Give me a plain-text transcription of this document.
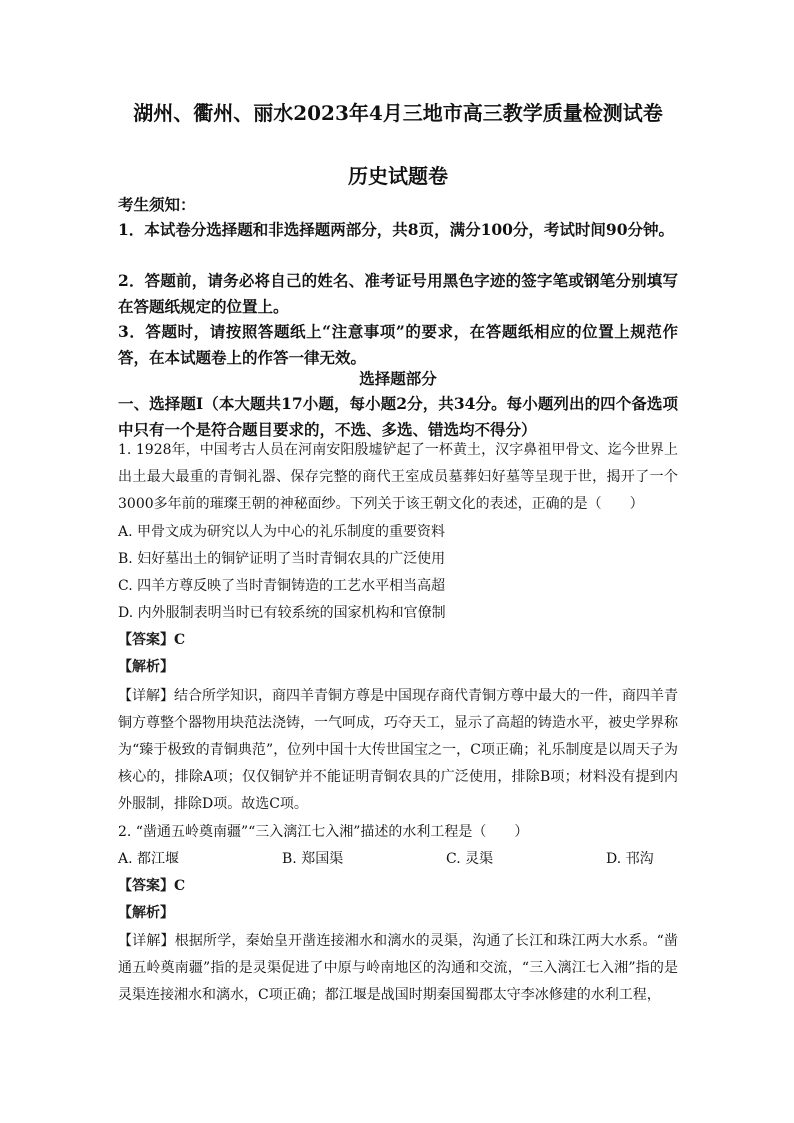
湖州、衢州、丽水2023年4月三地市高三教学质量检测试卷

历史试题卷

考生须知：

1．本试卷分选择题和非选择题两部分，共8页，满分100分，考试时间90分钟。

2．答题前，请务必将自己的姓名、准考证号用黑色字迹的签字笔或钢笔分别填写在答题纸规定的位置上。

3．答题时，请按照答题纸上“注意事项”的要求，在答题纸相应的位置上规范作答，在本试题卷上的作答一律无效。

选择题部分

一、选择题Ⅰ（本大题共17小题，每小题2分，共34分。每小题列出的四个备选项中只有一个是符合题目要求的，不选、多选、错选均不得分）

1. 1928年，中国考古人员在河南安阳殷墟铲起了一杯黄土，汉字鼻祖甲骨文、迄今世界上出土最大最重的青铜礼器、保存完整的商代王室成员墓葬妇好墓等呈现于世，揭开了一个3000多年前的璀璨王朝的神秘面纱。下列关于该王朝文化的表述，正确的是（　　）

A. 甲骨文成为研究以人为中心的礼乐制度的重要资料

B. 妇好墓出土的铜铲证明了当时青铜农具的广泛使用

C. 四羊方尊反映了当时青铜铸造的工艺水平相当高超

D. 内外服制表明当时已有较系统的国家机构和官僚制

【答案】C

【解析】

【详解】结合所学知识，商四羊青铜方尊是中国现存商代青铜方尊中最大的一件，商四羊青铜方尊整个器物用块范法浇铸，一气呵成，巧夺天工，显示了高超的铸造水平，被史学界称为“臻于极致的青铜典范”，位列中国十大传世国宝之一，C项正确；礼乐制度是以周天子为核心的，排除A项；仅仅铜铲并不能证明青铜农具的广泛使用，排除B项；材料没有提到内外服制，排除D项。故选C项。

2. “凿通五岭奠南疆”“三入漓江七入湘”描述的水利工程是（　　）

A. 都江堰	B. 郑国渠	C. 灵渠	D. 邗沟

【答案】C

【解析】

【详解】根据所学，秦始皇开凿连接湘水和漓水的灵渠，沟通了长江和珠江两大水系。“凿通五岭奠南疆”指的是灵渠促进了中原与岭南地区的沟通和交流，“三入漓江七入湘”指的是灵渠连接湘水和漓水，C项正确；都江堰是战国时期秦国蜀郡太守李冰修建的水利工程，
